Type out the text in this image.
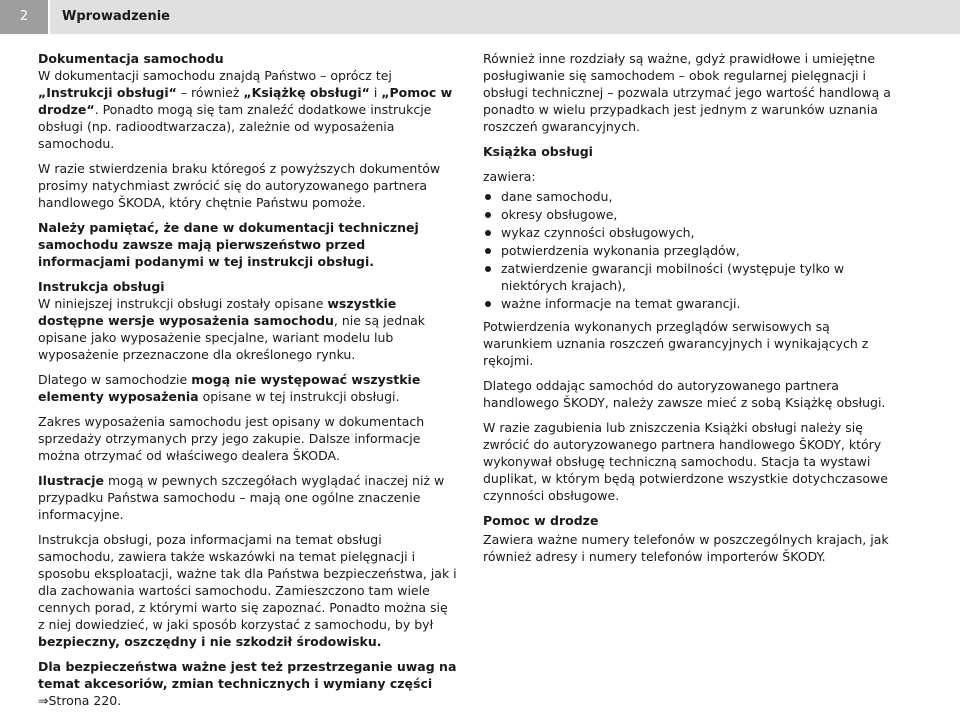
2	Wprowadzenie
Dokumentacja samochodu

W dokumentacji samochodu znajdą Państwo – oprócz tej „Instrukcji obsługi“ – również „Książkę obsługi“ i „Pomoc w drodze“. Ponadto mogą się tam znaleźć dodatkowe instrukcje obsługi (np. radioodtwarzacza), zależnie od wyposażenia samochodu.

W razie stwierdzenia braku któregoś z powyższych dokumentów prosimy natychmiast zwrócić się do autoryzowanego partnera handlowego ŠKODA, który chętnie Państwu pomoże.

Należy pamiętać, że dane w dokumentacji technicznej samochodu zawsze mają pierwszeństwo przed informacjami podanymi w tej instrukcji obsługi.

Instrukcja obsługi

W niniejszej instrukcji obsługi zostały opisane wszystkie dostępne wersje wyposażenia samochodu, nie są jednak opisane jako wyposażenie specjalne, wariant modelu lub wyposażenie przeznaczone dla określonego rynku.

Dlatego w samochodzie mogą nie występować wszystkie elementy wyposażenia opisane w tej instrukcji obsługi.

Zakres wyposażenia samochodu jest opisany w dokumentach sprzedaży otrzymanych przy jego zakupie. Dalsze informacje można otrzymać od właściwego dealera ŠKODA.

Ilustracje mogą w pewnych szczegółach wyglądać inaczej niż w przypadku Państwa samochodu – mają one ogólne znaczenie informacyjne.

Instrukcja obsługi, poza informacjami na temat obsługi samochodu, zawiera także wskazówki na temat pielęgnacji i sposobu eksploatacji, ważne tak dla Państwa bezpieczeństwa, jak i dla zachowania wartości samochodu. Zamieszczono tam wiele cennych porad, z którymi warto się zapoznać. Ponadto można się z niej dowiedzieć, w jaki sposób korzystać z samochodu, by był bezpieczny, oszczędny i nie szkodził środowisku.

Dla bezpieczeństwa ważne jest też przestrzeganie uwag na temat akcesoriów, zmian technicznych i wymiany części ⇒Strona 220.

Również inne rozdziały są ważne, gdyż prawidłowe i umiejętne posługiwanie się samochodem – obok regularnej pielęgnacji i obsługi technicznej – pozwala utrzymać jego wartość handlową a ponadto w wielu przypadkach jest jednym z warunków uznania roszczeń gwarancyjnych.

Książka obsługi

zawiera:

dane samochodu,
okresy obsługowe,
wykaz czynności obsługowych,
potwierdzenia wykonania przeglądów,
zatwierdzenie gwarancji mobilności (występuje tylko w niektórych krajach),
ważne informacje na temat gwarancji.

Potwierdzenia wykonanych przeglądów serwisowych są warunkiem uznania roszczeń gwarancyjnych i wynikających z rękojmi.

Dlatego oddając samochód do autoryzowanego partnera handlowego ŠKODY, należy zawsze mieć z sobą Książkę obsługi.

W razie zagubienia lub zniszczenia Książki obsługi należy się zwrócić do autoryzowanego partnera handlowego ŠKODY, który wykonywał obsługę techniczną samochodu. Stacja ta wystawi duplikat, w którym będą potwierdzone wszystkie dotychczasowe czynności obsługowe.

Pomoc w drodze

Zawiera ważne numery telefonów w poszczególnych krajach, jak również adresy i numery telefonów importerów ŠKODY.
